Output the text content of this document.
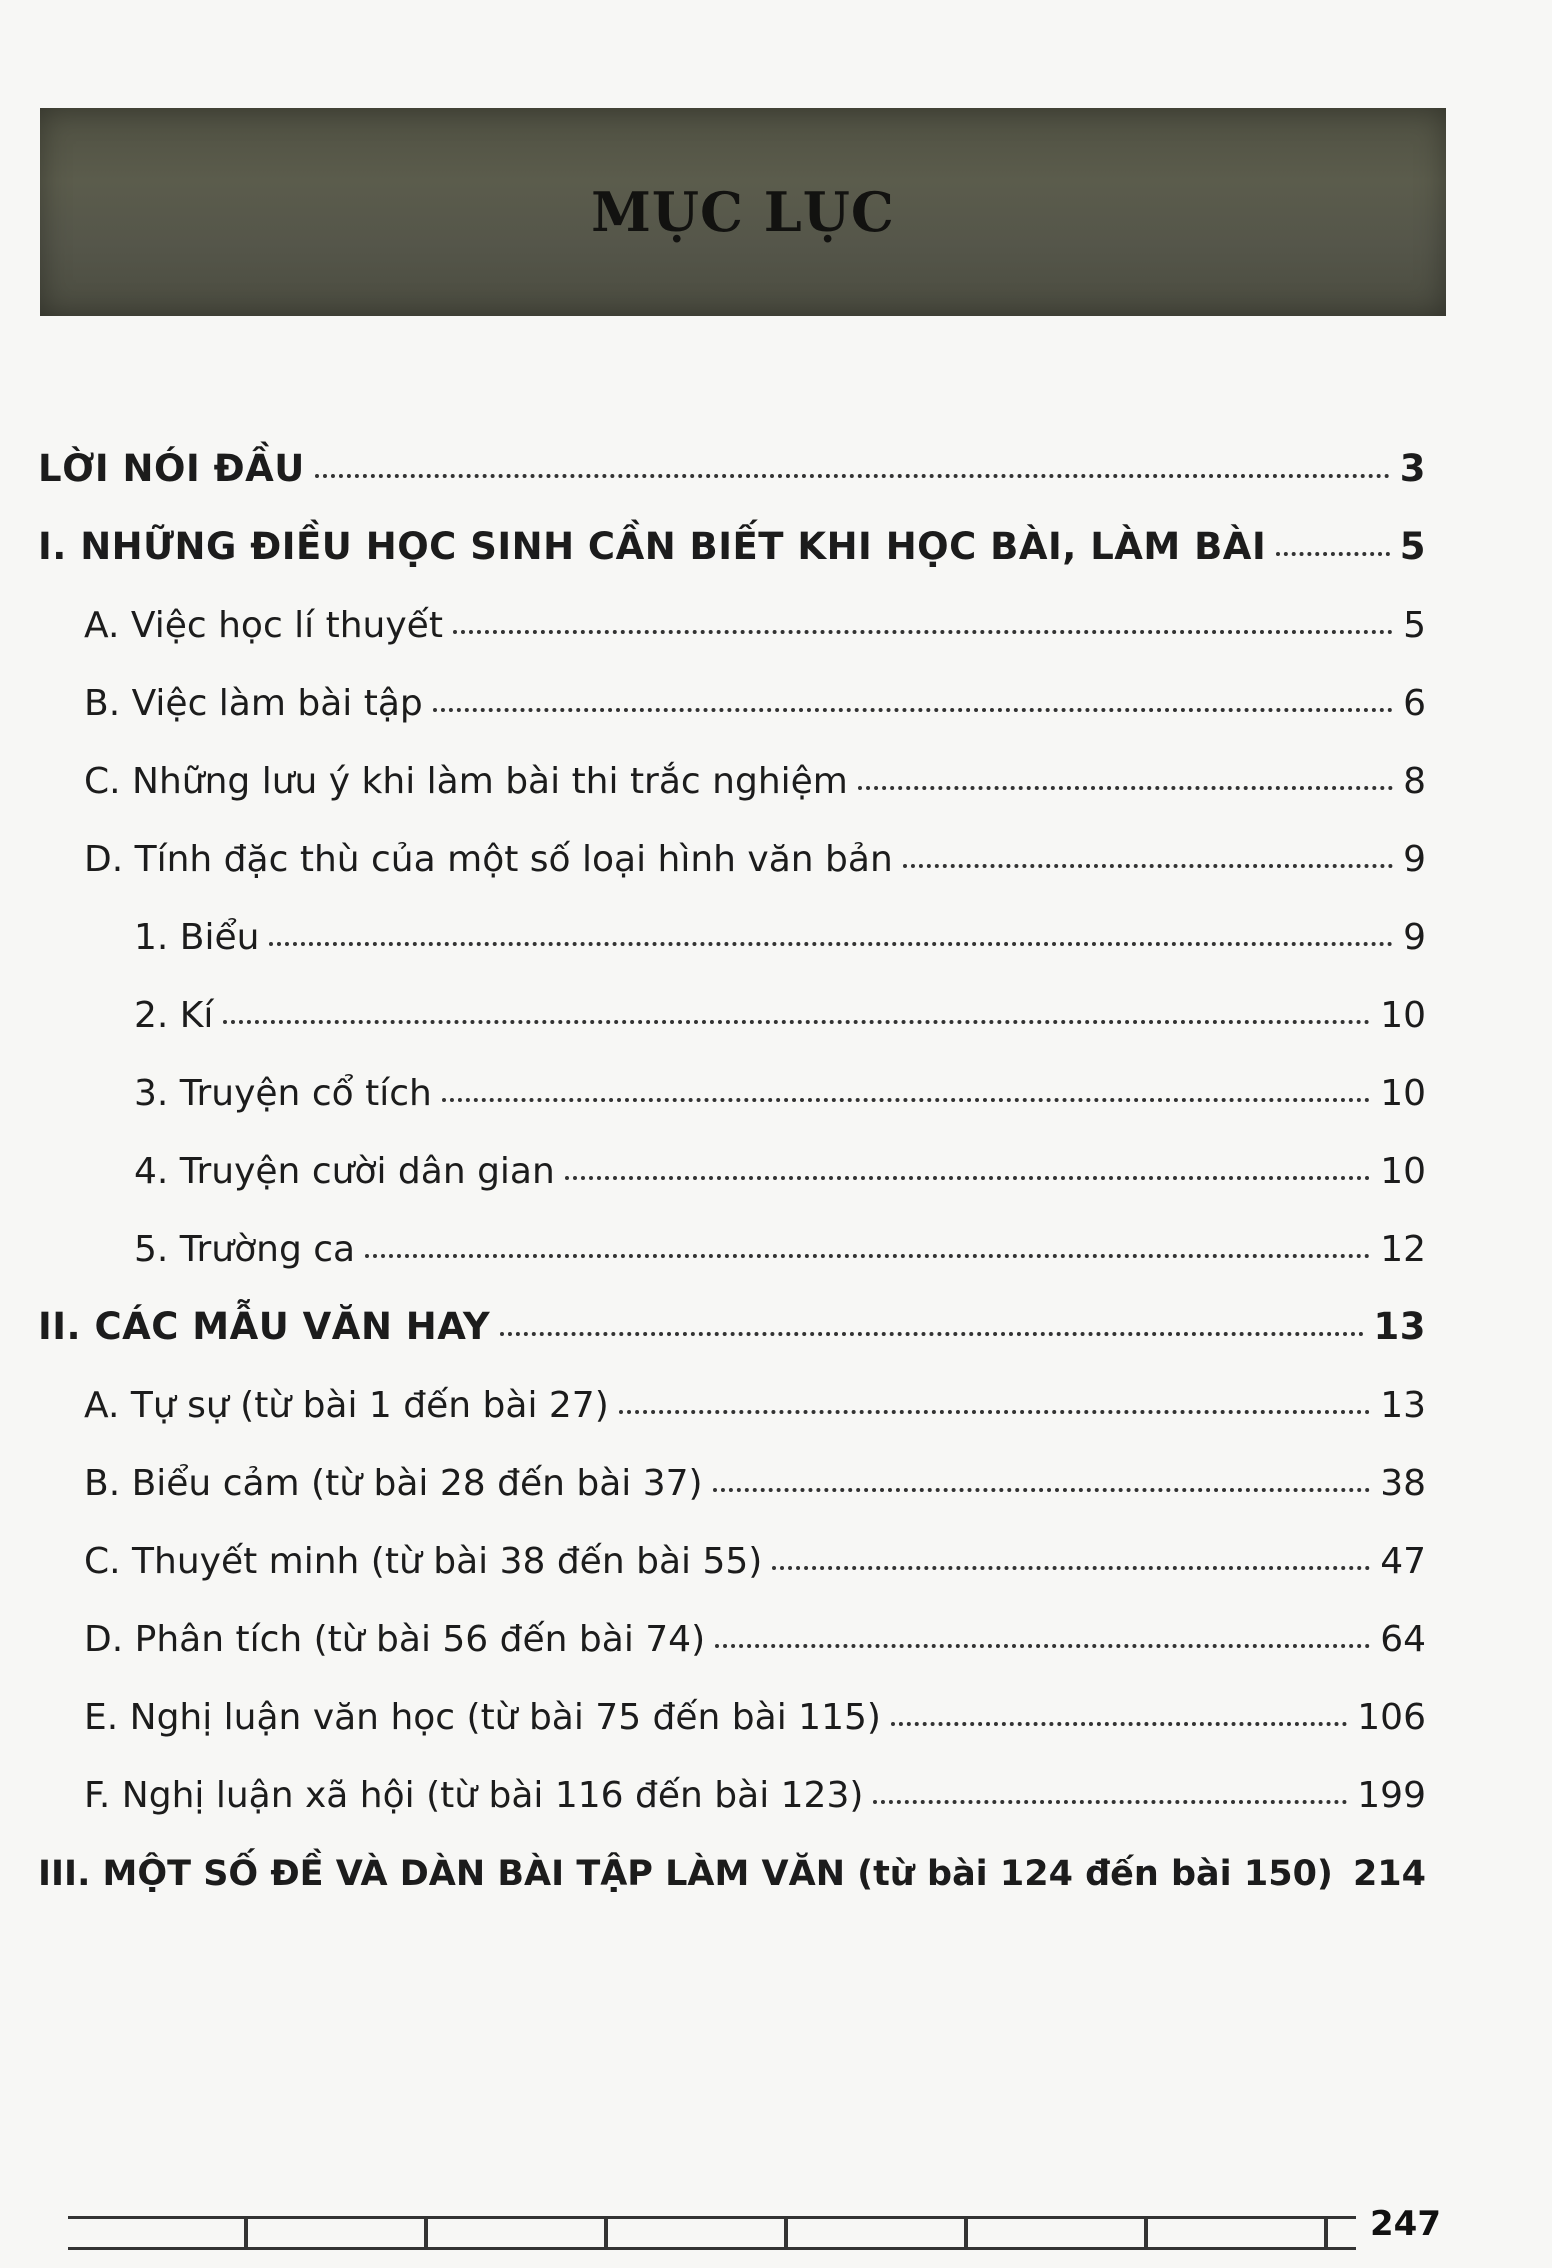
MỤC LỤC
LỜI NÓI ĐẦU	3
I. NHỮNG ĐIỀU HỌC SINH CẦN BIẾT KHI HỌC BÀI, LÀM BÀI	5
A. Việc học lí thuyết	5
B. Việc làm bài tập	6
C. Những lưu ý khi làm bài thi trắc nghiệm	8
D. Tính đặc thù của một số loại hình văn bản	9
1. Biểu	9
2. Kí	10
3. Truyện cổ tích	10
4. Truyện cười dân gian	10
5. Trường ca	12
II. CÁC MẪU VĂN HAY	13
A. Tự sự (từ bài 1 đến bài 27)	13
B. Biểu cảm (từ bài 28 đến bài 37)	38
C. Thuyết minh (từ bài 38 đến bài 55)	47
D. Phân tích (từ bài 56 đến bài 74)	64
E. Nghị luận văn học (từ bài 75 đến bài 115)	106
F. Nghị luận xã hội (từ bài 116 đến bài 123)	199
III. MỘT SỐ ĐỀ VÀ DÀN BÀI TẬP LÀM VĂN (từ bài 124 đến bài 150) 214
247
